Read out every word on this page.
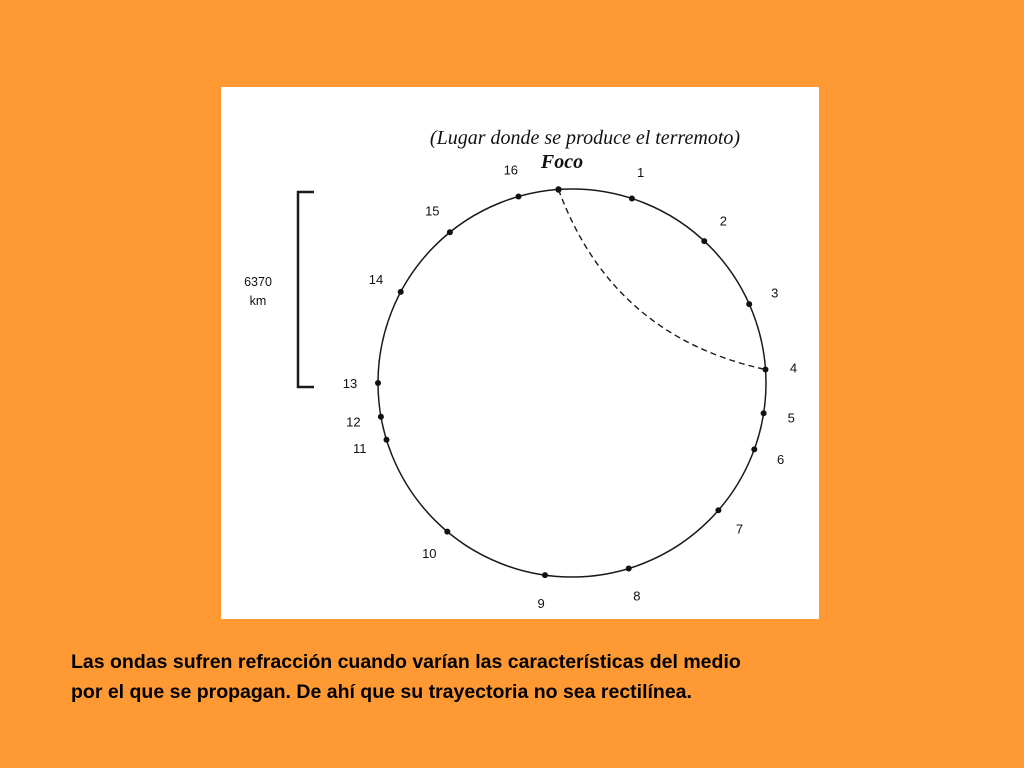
(Lugar donde se produce el terremoto)
Foco
6370
km
1
2
3
4
5
6
7
8
9
10
11
12
13
14
15
16

Las ondas sufren refracción cuando varían las características del medio
por el que se propagan. De ahí que su trayectoria no sea rectilínea.
